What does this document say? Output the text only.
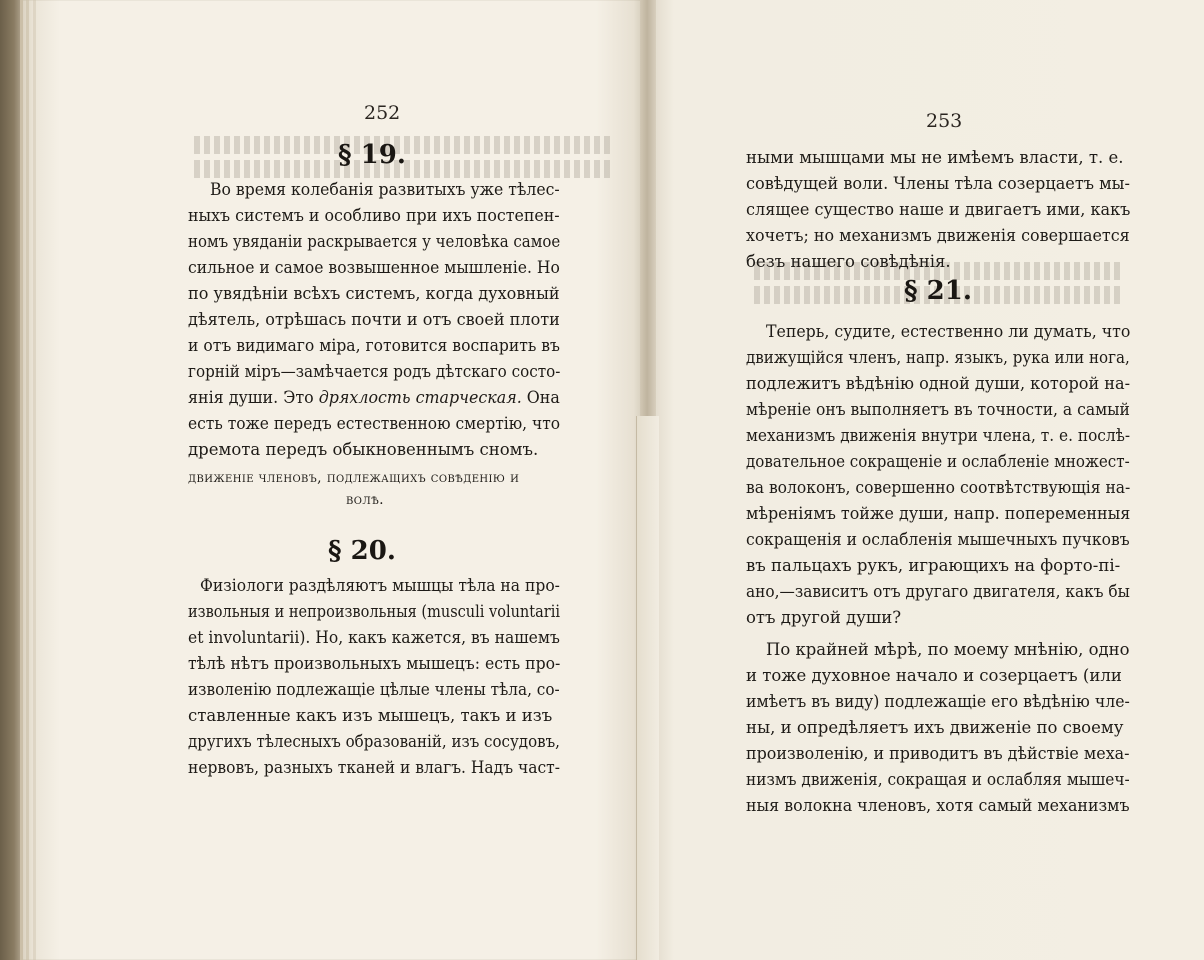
252
§ 19.
Во время колебанія развитыхъ уже тѣлес-
ныхъ системъ и особливо при ихъ постепен-
номъ увяданіи раскрывается у человѣка самое
сильное и самое возвышенное мышленіе. Но
по увядѣніи всѣхъ системъ, когда духовный
дѣятель, отрѣшась почти и отъ своей плоти
и отъ видимаго міра, готовится воспарить въ
горній міръ—замѣчается родъ дѣтскаго состо-
янія души. Это дряхлость старческая. Она
есть тоже передъ естественною смертію, что
дремота передъ обыкновеннымъ сномъ.
движеніе членовъ, подлежащихъ совѣденію и
волѣ.
§ 20.
Физіологи раздѣляютъ мышцы тѣла на про-
извольныя и непроизвольныя (musculi voluntarii
et involuntarii). Но, какъ кажется, въ нашемъ
тѣлѣ нѣтъ произвольныхъ мышецъ: есть про-
изволенію подлежащіе цѣлые члены тѣла, со-
ставленные какъ изъ мышецъ, такъ и изъ
другихъ тѣлесныхъ образованій, изъ сосудовъ,
нервовъ, разныхъ тканей и влагъ. Надъ част-
253
ными мышцами мы не имѣемъ власти, т. е.
совѣдущей воли. Члены тѣла созерцаетъ мы-
слящее существо наше и двигаетъ ими, какъ
хочетъ; но механизмъ движенія совершается
безъ нашего совѣдѣнія.
§ 21.
Теперь, судите, естественно ли думать, что
движущійся членъ, напр. языкъ, рука или нога,
подлежитъ вѣдѣнію одной души, которой на-
мѣреніе онъ выполняетъ въ точности, а самый
механизмъ движенія внутри члена, т. е. послѣ-
довательное сокращеніе и ослабленіе множест-
ва волоконъ, совершенно соотвѣтствующія на-
мѣреніямъ тойже души, напр. попеременныя
сокращенія и ослабленія мышечныхъ пучковъ
въ пальцахъ рукъ, играющихъ на форто-пі-
ано,—зависитъ отъ другаго двигателя, какъ бы
отъ другой души?
По крайней мѣрѣ, по моему мнѣнію, одно
и тоже духовное начало и созерцаетъ (или
имѣетъ въ виду) подлежащіе его вѣдѣнію члe-
ны, и опредѣляетъ ихъ движеніе по своему
произволенію, и приводитъ въ дѣйствіе меха-
низмъ движенія, сокращая и ослабляя мышеч-
ныя волокна членовъ, хотя самый механизмъ
